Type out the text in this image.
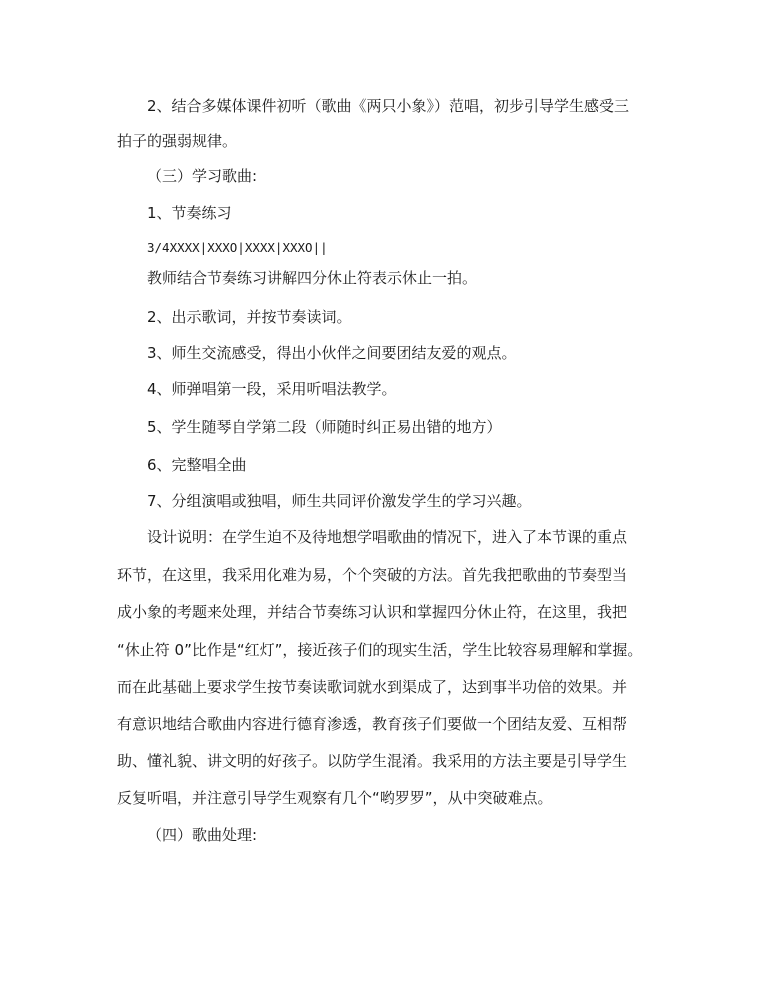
2、结合多媒体课件初听（歌曲《两只小象》）范唱，初步引导学生感受三
拍子的强弱规律。
（三）学习歌曲:
1、节奏练习
3/4XXXX|XXXO|XXXX|XXXO||
教师结合节奏练习讲解四分休止符表示休止一拍。
2、出示歌词，并按节奏读词。
3、师生交流感受，得出小伙伴之间要团结友爱的观点。
4、师弹唱第一段，采用听唱法教学。
5、学生随琴自学第二段（师随时纠正易出错的地方）
6、完整唱全曲
7、分组演唱或独唱，师生共同评价激发学生的学习兴趣。
设计说明：在学生迫不及待地想学唱歌曲的情况下，进入了本节课的重点
环节，在这里，我采用化难为易，个个突破的方法。首先我把歌曲的节奏型当
成小象的考题来处理，并结合节奏练习认识和掌握四分休止符，在这里，我把
“休止符 0”比作是“红灯”，接近孩子们的现实生活，学生比较容易理解和掌握。
而在此基础上要求学生按节奏读歌词就水到渠成了，达到事半功倍的效果。并
有意识地结合歌曲内容进行德育渗透，教育孩子们要做一个团结友爱、互相帮
助、懂礼貌、讲文明的好孩子。以防学生混淆。我采用的方法主要是引导学生
反复听唱，并注意引导学生观察有几个“哟罗罗”，从中突破难点。
（四）歌曲处理:
